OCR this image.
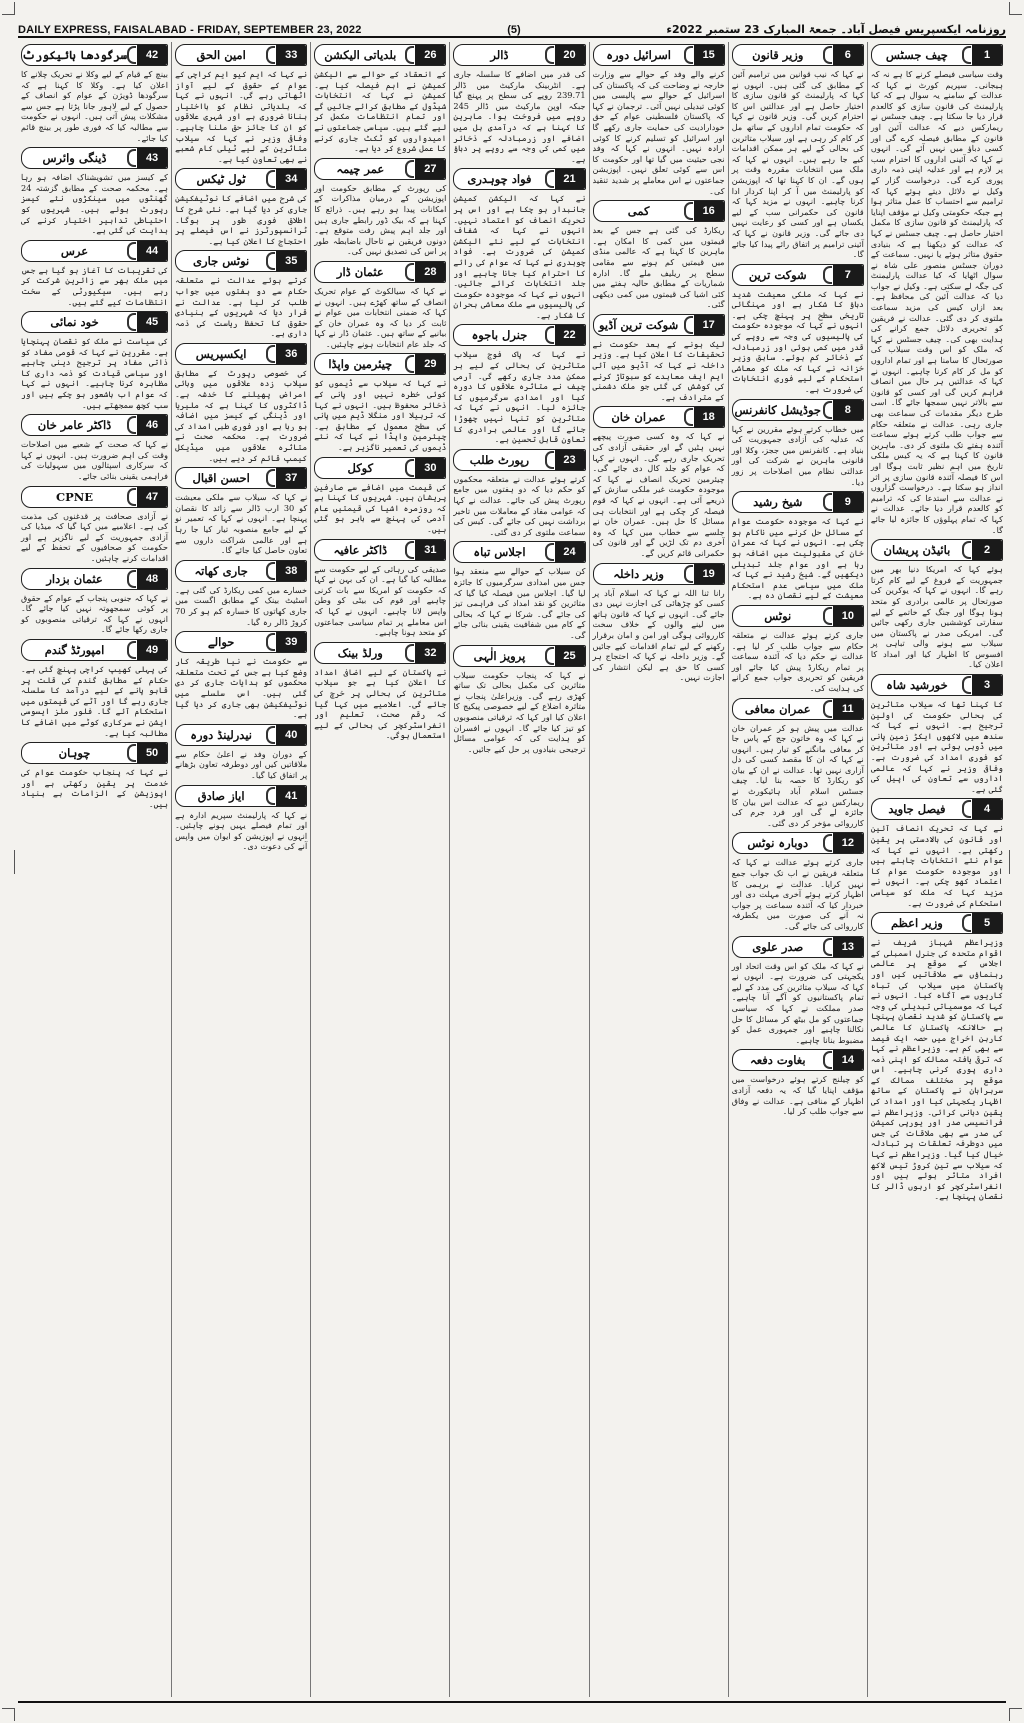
DAILY EXPRESS, FAISALABAD - FRIDAY, SEPTEMBER 23, 2022	(5)	روزنامہ ایکسپریس فیصل آباد۔ جمعۃ المبارک 23 ستمبر 2022ء
1
چیف جسٹس
وقت سیاسی فیصلے کرنے کا ہے نہ کہ ہیجانی۔ سپریم کورٹ نے کہا کہ عدالت کے سامنے یہ سوال ہے کہ کیا پارلیمنٹ کی قانون سازی کو کالعدم قرار دیا جا سکتا ہے۔ چیف جسٹس نے ریمارکس دیے کہ عدالت آئین اور قانون کے مطابق فیصلہ کرے گی اور کسی دباؤ میں نہیں آئے گی۔ انہوں نے کہا کہ آئینی اداروں کا احترام سب پر لازم ہے اور عدلیہ اپنی ذمہ داری پوری کرے گی۔ درخواست گزار کے وکیل نے دلائل دیتے ہوئے کہا کہ ترامیم سے احتساب کا عمل متاثر ہوا ہے جبکہ حکومتی وکیل نے مؤقف اپنایا کہ پارلیمنٹ کو قانون سازی کا مکمل اختیار حاصل ہے۔ چیف جسٹس نے کہا کہ عدالت کو دیکھنا ہے کہ بنیادی حقوق متاثر ہوئے یا نہیں۔ سماعت کے دوران جسٹس منصور علی شاہ نے سوال اٹھایا کہ کیا عدالت پارلیمنٹ کی جگہ لے سکتی ہے۔ وکیل نے جواب دیا کہ عدالت آئین کی محافظ ہے۔ بعد ازاں کیس کی مزید سماعت ملتوی کر دی گئی۔ عدالت نے فریقین کو تحریری دلائل جمع کرانے کی ہدایت بھی کی۔ چیف جسٹس نے کہا کہ ملک کو اس وقت سیلاب کی صورتحال کا سامنا ہے اور تمام اداروں کو مل کر کام کرنا چاہیے۔ انہوں نے کہا کہ عدالتیں ہر حال میں انصاف فراہم کریں گی اور کسی کو قانون سے بالاتر نہیں سمجھا جائے گا۔ اسی طرح دیگر مقدمات کی سماعت بھی جاری رہی۔ عدالت نے متعلقہ حکام سے جواب طلب کرتے ہوئے سماعت آئندہ ہفتے تک ملتوی کر دی۔ ماہرین قانون کا کہنا ہے کہ یہ کیس ملکی تاریخ میں اہم نظیر ثابت ہوگا اور اس کا فیصلہ آئندہ قانون سازی پر اثر انداز ہو سکتا ہے۔ درخواست گزاروں نے عدالت سے استدعا کی کہ ترامیم کو کالعدم قرار دیا جائے۔ عدالت نے کہا کہ تمام پہلوؤں کا جائزہ لیا جائے گا۔
2
بائیڈن پریشان
ہوئے کہا کہ امریکا دنیا بھر میں جمہوریت کے فروغ کے لیے کام کرتا رہے گا۔ انہوں نے کہا کہ یوکرین کی صورتحال پر عالمی برادری کو متحد ہونا ہوگا اور جنگ کے خاتمے کے لیے سفارتی کوششیں جاری رکھی جائیں گی۔ امریکی صدر نے پاکستان میں سیلاب سے ہونے والی تباہی پر افسوس کا اظہار کیا اور امداد کا اعلان کیا۔
3
خورشید شاہ
کا کہنا تھا کہ سیلاب متاثرین کی بحالی حکومت کی اولین ترجیح ہے۔ انہوں نے کہا کہ سندھ میں لاکھوں ایکڑ زمین پانی میں ڈوبی ہوئی ہے اور متاثرین کو فوری امداد کی ضرورت ہے۔ وفاقی وزیر نے کہا کہ عالمی اداروں سے تعاون کی اپیل کی گئی ہے۔
4
فیصل جاوید
نے کہا کہ تحریک انصاف آئین اور قانون کی بالادستی پر یقین رکھتی ہے۔ انہوں نے کہا کہ عوام نئے انتخابات چاہتے ہیں اور موجودہ حکومت عوام کا اعتماد کھو چکی ہے۔ انہوں نے مزید کہا کہ ملک کو سیاسی استحکام کی ضرورت ہے۔
5
وزیر اعظم
وزیراعظم شہباز شریف نے اقوام متحدہ کی جنرل اسمبلی کے اجلاس کے موقع پر عالمی رہنماؤں سے ملاقاتیں کیں اور پاکستان میں سیلاب کی تباہ کاریوں سے آگاہ کیا۔ انہوں نے کہا کہ موسمیاتی تبدیلی کی وجہ سے پاکستان کو شدید نقصان پہنچا ہے حالانکہ پاکستان کا عالمی کاربن اخراج میں حصہ ایک فیصد سے بھی کم ہے۔ وزیراعظم نے کہا کہ ترقی یافتہ ممالک کو اپنی ذمہ داری پوری کرنی چاہیے۔ اس موقع پر مختلف ممالک کے سربراہان نے پاکستان کے ساتھ اظہار یکجہتی کیا اور امداد کی یقین دہانی کرائی۔ وزیراعظم نے فرانسیسی صدر اور یورپی کمیشن کی صدر سے بھی ملاقات کی جس میں دوطرفہ تعلقات پر تبادلہ خیال کیا گیا۔ وزیراعظم نے کہا کہ سیلاب سے تین کروڑ تیس لاکھ افراد متاثر ہوئے ہیں اور انفراسٹرکچر کو اربوں ڈالر کا نقصان پہنچا ہے۔
6
وزیر قانون
نے کہا کہ نیب قوانین میں ترامیم آئین کے مطابق کی گئی ہیں۔ انہوں نے کہا کہ پارلیمنٹ کو قانون سازی کا اختیار حاصل ہے اور عدالتیں اس کا احترام کریں گی۔ وزیر قانون نے کہا کہ حکومت تمام اداروں کے ساتھ مل کر کام کر رہی ہے اور سیلاب متاثرین کی بحالی کے لیے ہر ممکن اقدامات کیے جا رہے ہیں۔ انہوں نے کہا کہ ملک میں انتخابات مقررہ وقت پر ہوں گے۔ ان کا کہنا تھا کہ اپوزیشن کو پارلیمنٹ میں آ کر اپنا کردار ادا کرنا چاہیے۔ انہوں نے مزید کہا کہ قانون کی حکمرانی سب کے لیے یکساں ہے اور کسی کو رعایت نہیں دی جائے گی۔ وزیر قانون نے کہا کہ آئینی ترامیم پر اتفاق رائے پیدا کیا جائے گا۔
7
شوکت ترین
نے کہا کہ ملکی معیشت شدید دباؤ کا شکار ہے اور مہنگائی تاریخی سطح پر پہنچ چکی ہے۔ انہوں نے کہا کہ موجودہ حکومت کی پالیسیوں کی وجہ سے روپے کی قدر میں کمی ہوئی اور زرمبادلہ کے ذخائر کم ہوئے۔ سابق وزیر خزانہ نے کہا کہ ملک کو معاشی استحکام کے لیے فوری انتخابات کی ضرورت ہے۔
8
جوڈیشل کانفرنس
میں خطاب کرتے ہوئے مقررین نے کہا کہ عدلیہ کی آزادی جمہوریت کی بنیاد ہے۔ کانفرنس میں ججز، وکلا اور قانونی ماہرین نے شرکت کی اور عدالتی نظام میں اصلاحات پر زور دیا۔
9
شیخ رشید
نے کہا کہ موجودہ حکومت عوام کے مسائل حل کرنے میں ناکام ہو چکی ہے۔ انہوں نے کہا کہ عمران خان کی مقبولیت میں اضافہ ہو رہا ہے اور عوام جلد تبدیلی دیکھیں گے۔ شیخ رشید نے کہا کہ ملک میں سیاسی عدم استحکام معیشت کے لیے نقصان دہ ہے۔
10
نوٹس
جاری کرتے ہوئے عدالت نے متعلقہ حکام سے جواب طلب کر لیا ہے۔ عدالت نے حکم دیا کہ آئندہ سماعت پر تمام ریکارڈ پیش کیا جائے اور فریقین کو تحریری جواب جمع کرانے کی ہدایت کی۔
11
عمران معافی
عدالت میں پیش ہو کر عمران خان نے کہا کہ وہ خاتون جج کے پاس جا کر معافی مانگنے کو تیار ہیں۔ انہوں نے کہا کہ ان کا مقصد کسی کی دل آزاری نہیں تھا۔ عدالت نے ان کے بیان کو ریکارڈ کا حصہ بنا لیا۔ چیف جسٹس اسلام آباد ہائیکورٹ نے ریمارکس دیے کہ عدالت اس بیان کا جائزہ لے گی اور فرد جرم کی کارروائی مؤخر کر دی گئی۔
12
دوبارہ نوٹس
جاری کرتے ہوئے عدالت نے کہا کہ متعلقہ فریقین نے اب تک جواب جمع نہیں کرایا۔ عدالت نے برہمی کا اظہار کرتے ہوئے آخری مہلت دی اور خبردار کیا کہ آئندہ سماعت پر جواب نہ آنے کی صورت میں یکطرفہ کارروائی کی جائے گی۔
13
صدر علوی
نے کہا کہ ملک کو اس وقت اتحاد اور یکجہتی کی ضرورت ہے۔ انہوں نے کہا کہ سیلاب متاثرین کی مدد کے لیے تمام پاکستانیوں کو آگے آنا چاہیے۔ صدر مملکت نے کہا کہ سیاسی جماعتوں کو مل بیٹھ کر مسائل کا حل نکالنا چاہیے اور جمہوری عمل کو مضبوط بنانا چاہیے۔
14
بغاوت دفعہ
کو چیلنج کرتے ہوئے درخواست میں مؤقف اپنایا گیا کہ یہ دفعہ آزادی اظہار کے منافی ہے۔ عدالت نے وفاق سے جواب طلب کر لیا۔
15
اسرائیل دورہ
کرنے والے وفد کے حوالے سے وزارت خارجہ نے وضاحت کی کہ پاکستان کی اسرائیل کے حوالے سے پالیسی میں کوئی تبدیلی نہیں آئی۔ ترجمان نے کہا کہ پاکستان فلسطینی عوام کے حق خودارادیت کی حمایت جاری رکھے گا اور اسرائیل کو تسلیم کرنے کا کوئی ارادہ نہیں۔ انہوں نے کہا کہ وفد نجی حیثیت میں گیا تھا اور حکومت کا اس سے کوئی تعلق نہیں۔ اپوزیشن جماعتوں نے اس معاملے پر شدید تنقید کی۔
16
کمی
ریکارڈ کی گئی ہے جس کے بعد قیمتوں میں کمی کا امکان ہے۔ ماہرین کا کہنا ہے کہ عالمی منڈی میں قیمتیں کم ہونے سے مقامی سطح پر ریلیف ملے گا۔ ادارہ شماریات کے مطابق حالیہ ہفتے میں کئی اشیا کی قیمتوں میں کمی دیکھی گئی۔
17
شوکت ترین آڈیو
لیک ہونے کے بعد حکومت نے تحقیقات کا اعلان کیا ہے۔ وزیر داخلہ نے کہا کہ آڈیو میں آئی ایم ایف معاہدے کو سبوتاژ کرنے کی کوشش کی گئی جو ملک دشمنی کے مترادف ہے۔
18
عمران خان
نے کہا کہ وہ کسی صورت پیچھے نہیں ہٹیں گے اور حقیقی آزادی کی تحریک جاری رہے گی۔ انہوں نے کہا کہ عوام کو جلد کال دی جائے گی۔ چیئرمین تحریک انصاف نے کہا کہ موجودہ حکومت غیر ملکی سازش کے ذریعے آئی ہے۔ انہوں نے کہا کہ قوم فیصلہ کر چکی ہے اور انتخابات ہی مسائل کا حل ہیں۔ عمران خان نے جلسے سے خطاب میں کہا کہ وہ آخری دم تک لڑیں گے اور قانون کی حکمرانی قائم کریں گے۔
19
وزیر داخلہ
رانا ثنا اللہ نے کہا کہ اسلام آباد پر کسی کو چڑھائی کی اجازت نہیں دی جائے گی۔ انہوں نے کہا کہ قانون ہاتھ میں لینے والوں کے خلاف سخت کارروائی ہوگی اور امن و امان برقرار رکھنے کے لیے تمام اقدامات کیے جائیں گے۔ وزیر داخلہ نے کہا کہ احتجاج ہر کسی کا حق ہے لیکن انتشار کی اجازت نہیں۔
20
ڈالر
کی قدر میں اضافے کا سلسلہ جاری ہے۔ انٹربینک مارکیٹ میں ڈالر 239.71 روپے کی سطح پر پہنچ گیا جبکہ اوپن مارکیٹ میں ڈالر 245 روپے میں فروخت ہوا۔ ماہرین کا کہنا ہے کہ درآمدی بل میں اضافے اور زرمبادلہ کے ذخائر میں کمی کی وجہ سے روپے پر دباؤ ہے۔
21
فواد چوہدری
نے کہا کہ الیکشن کمیشن جانبدار ہو چکا ہے اور اس پر تحریک انصاف کو اعتماد نہیں۔ انہوں نے کہا کہ شفاف انتخابات کے لیے نئے الیکشن کمیشن کی ضرورت ہے۔ فواد چوہدری نے کہا کہ عوام کی رائے کا احترام کیا جانا چاہیے اور جلد انتخابات کرائے جائیں۔ انہوں نے کہا کہ موجودہ حکومت کی پالیسیوں سے ملک معاشی بحران کا شکار ہے۔
22
جنرل باجوہ
نے کہا کہ پاک فوج سیلاب متاثرین کی بحالی کے لیے ہر ممکن مدد جاری رکھے گی۔ آرمی چیف نے متاثرہ علاقوں کا دورہ کیا اور امدادی سرگرمیوں کا جائزہ لیا۔ انہوں نے کہا کہ متاثرین کو تنہا نہیں چھوڑا جائے گا اور عالمی برادری کا تعاون قابل تحسین ہے۔
23
رپورٹ طلب
کرتے ہوئے عدالت نے متعلقہ محکموں کو حکم دیا کہ دو ہفتوں میں جامع رپورٹ پیش کی جائے۔ عدالت نے کہا کہ عوامی مفاد کے معاملات میں تاخیر برداشت نہیں کی جائے گی۔ کیس کی سماعت ملتوی کر دی گئی۔
24
اجلاس تباہ
کن سیلاب کے حوالے سے منعقد ہوا جس میں امدادی سرگرمیوں کا جائزہ لیا گیا۔ اجلاس میں فیصلہ کیا گیا کہ متاثرین کو نقد امداد کی فراہمی تیز کی جائے گی۔ شرکا نے کہا کہ بحالی کے کام میں شفافیت یقینی بنائی جائے گی۔
25
پرویز الٰہی
نے کہا کہ پنجاب حکومت سیلاب متاثرین کی مکمل بحالی تک ساتھ کھڑی رہے گی۔ وزیراعلیٰ پنجاب نے متاثرہ اضلاع کے لیے خصوصی پیکیج کا اعلان کیا اور کہا کہ ترقیاتی منصوبوں کو تیز کیا جائے گا۔ انہوں نے افسران کو ہدایت کی کہ عوامی مسائل ترجیحی بنیادوں پر حل کیے جائیں۔
26
بلدیاتی الیکشن
کے انعقاد کے حوالے سے الیکشن کمیشن نے اہم فیصلہ کیا ہے۔ کمیشن نے کہا کہ انتخابات شیڈول کے مطابق کرائے جائیں گے اور تمام انتظامات مکمل کر لیے گئے ہیں۔ سیاسی جماعتوں نے امیدواروں کو ٹکٹ جاری کرنے کا عمل شروع کر دیا ہے۔
27
عمر چیمہ
کی رپورٹ کے مطابق حکومت اور اپوزیشن کے درمیان مذاکرات کے امکانات پیدا ہو رہے ہیں۔ ذرائع کا کہنا ہے کہ بیک ڈور رابطے جاری ہیں اور جلد اہم پیش رفت متوقع ہے۔ دونوں فریقین نے تاحال باضابطہ طور پر اس کی تصدیق نہیں کی۔
28
عثمان ڈار
نے کہا کہ سیالکوٹ کے عوام تحریک انصاف کے ساتھ کھڑے ہیں۔ انہوں نے کہا کہ ضمنی انتخابات میں عوام نے ثابت کر دیا کہ وہ عمران خان کے بیانیے کے ساتھ ہیں۔ عثمان ڈار نے کہا کہ جلد عام انتخابات ہونے چاہئیں۔
29
چیئرمین واپڈا
نے کہا کہ سیلاب سے ڈیموں کو کوئی خطرہ نہیں اور پانی کے ذخائر محفوظ ہیں۔ انہوں نے کہا کہ تربیلا اور منگلا ڈیم میں پانی کی سطح معمول کے مطابق ہے۔ چیئرمین واپڈا نے کہا کہ نئے ڈیموں کی تعمیر ناگزیر ہے۔
30
کوکل
کی قیمت میں اضافے سے صارفین پریشان ہیں۔ شہریوں کا کہنا ہے کہ روزمرہ اشیا کی قیمتیں عام آدمی کی پہنچ سے باہر ہو گئی ہیں۔
31
ڈاکٹر عافیہ
صدیقی کی رہائی کے لیے حکومت سے مطالبہ کیا گیا ہے۔ ان کی بہن نے کہا کہ حکومت کو امریکا سے بات کرنی چاہیے اور قوم کی بیٹی کو وطن واپس لانا چاہیے۔ انہوں نے کہا کہ اس معاملے پر تمام سیاسی جماعتوں کو متحد ہونا چاہیے۔
32
ورلڈ بینک
نے پاکستان کے لیے اضافی امداد کا اعلان کیا ہے جو سیلاب متاثرین کی بحالی پر خرچ کی جائے گی۔ اعلامیے میں کہا گیا کہ رقم صحت، تعلیم اور انفراسٹرکچر کی بحالی کے لیے استعمال ہوگی۔
33
امین الحق
نے کہا کہ ایم کیو ایم کراچی کے عوام کے حقوق کے لیے آواز اٹھاتی رہے گی۔ انہوں نے کہا کہ بلدیاتی نظام کو بااختیار بنانا ضروری ہے اور شہری علاقوں کو ان کا جائز حق ملنا چاہیے۔ وفاقی وزیر نے کہا کہ سیلاب متاثرین کے لیے ٹیلی کام شعبے نے بھی تعاون کیا ہے۔
34
ٹول ٹیکس
کی شرح میں اضافے کا نوٹیفکیشن جاری کر دیا گیا ہے۔ نئی شرح کا اطلاق فوری طور پر ہوگا۔ ٹرانسپورٹرز نے اس فیصلے پر احتجاج کا اعلان کیا ہے۔
35
نوٹس جاری
کرتے ہوئے عدالت نے متعلقہ حکام سے دو ہفتوں میں جواب طلب کر لیا ہے۔ عدالت نے قرار دیا کہ شہریوں کے بنیادی حقوق کا تحفظ ریاست کی ذمہ داری ہے۔
36
ایکسپریس
کی خصوصی رپورٹ کے مطابق سیلاب زدہ علاقوں میں وبائی امراض پھیلنے کا خدشہ ہے۔ ڈاکٹروں کا کہنا ہے کہ ملیریا اور ڈینگی کے کیسز میں اضافہ ہو رہا ہے اور فوری طبی امداد کی ضرورت ہے۔ محکمہ صحت نے متاثرہ علاقوں میں میڈیکل کیمپ قائم کر دیے ہیں۔
37
احسن اقبال
نے کہا کہ سیلاب سے ملکی معیشت کو 30 ارب ڈالر سے زائد کا نقصان پہنچا ہے۔ انہوں نے کہا کہ تعمیر نو کے لیے جامع منصوبہ تیار کیا جا رہا ہے اور عالمی شراکت داروں سے تعاون حاصل کیا جائے گا۔
38
جاری کھاتہ
خسارے میں کمی ریکارڈ کی گئی ہے۔ اسٹیٹ بینک کے مطابق اگست میں جاری کھاتوں کا خسارہ کم ہو کر 70 کروڑ ڈالر رہ گیا۔
39
حوالے
سے حکومت نے نیا طریقہ کار وضع کیا ہے جس کے تحت متعلقہ محکموں کو ہدایات جاری کر دی گئی ہیں۔ اس سلسلے میں نوٹیفکیشن بھی جاری کر دیا گیا ہے۔
40
نیدرلینڈ دورہ
کے دوران وفد نے اعلیٰ حکام سے ملاقاتیں کیں اور دوطرفہ تعاون بڑھانے پر اتفاق کیا گیا۔
41
ایاز صادق
نے کہا کہ پارلیمنٹ سپریم ادارہ ہے اور تمام فیصلے یہیں ہونے چاہئیں۔ انہوں نے اپوزیشن کو ایوان میں واپس آنے کی دعوت دی۔
42
سرگودھا ہائیکورٹ
بینچ کے قیام کے لیے وکلا نے تحریک چلانے کا اعلان کیا ہے۔ وکلا کا کہنا ہے کہ سرگودھا ڈویژن کے عوام کو انصاف کے حصول کے لیے لاہور جانا پڑتا ہے جس سے مشکلات پیش آتی ہیں۔ انہوں نے حکومت سے مطالبہ کیا کہ فوری طور پر بینچ قائم کیا جائے۔
43
ڈینگی وائرس
کے کیسز میں تشویشناک اضافہ ہو رہا ہے۔ محکمہ صحت کے مطابق گزشتہ 24 گھنٹوں میں سینکڑوں نئے کیسز رپورٹ ہوئے ہیں۔ شہریوں کو احتیاطی تدابیر اختیار کرنے کی ہدایت کی گئی ہے۔
44
عرس
کی تقریبات کا آغاز ہو گیا ہے جس میں ملک بھر سے زائرین شرکت کر رہے ہیں۔ سیکیورٹی کے سخت انتظامات کیے گئے ہیں۔
45
خود نمائی
کی سیاست نے ملک کو نقصان پہنچایا ہے۔ مقررین نے کہا کہ قومی مفاد کو ذاتی مفاد پر ترجیح دینی چاہیے اور سیاسی قیادت کو ذمہ داری کا مظاہرہ کرنا چاہیے۔ انہوں نے کہا کہ عوام اب باشعور ہو چکے ہیں اور سب کچھ سمجھتے ہیں۔
46
ڈاکٹر عامر خان
نے کہا کہ صحت کے شعبے میں اصلاحات وقت کی اہم ضرورت ہیں۔ انہوں نے کہا کہ سرکاری اسپتالوں میں سہولیات کی فراہمی یقینی بنائی جائے۔
47
CPNE
نے آزادی صحافت پر قدغنوں کی مذمت کی ہے۔ اعلامیے میں کہا گیا کہ میڈیا کی آزادی جمہوریت کے لیے ناگزیر ہے اور حکومت کو صحافیوں کے تحفظ کے لیے اقدامات کرنے چاہئیں۔
48
عثمان بزدار
نے کہا کہ جنوبی پنجاب کے عوام کے حقوق پر کوئی سمجھوتہ نہیں کیا جائے گا۔ انہوں نے کہا کہ ترقیاتی منصوبوں کو جاری رکھا جائے گا۔
49
امپورٹڈ گندم
کی پہلی کھیپ کراچی پہنچ گئی ہے۔ حکام کے مطابق گندم کی قلت پر قابو پانے کے لیے درآمد کا سلسلہ جاری رہے گا اور آٹے کی قیمتوں میں استحکام آئے گا۔ فلور ملز ایسوسی ایشن نے سرکاری کوٹے میں اضافے کا مطالبہ کیا ہے۔
50
چوہان
نے کہا کہ پنجاب حکومت عوام کی خدمت پر یقین رکھتی ہے اور اپوزیشن کے الزامات بے بنیاد ہیں۔
